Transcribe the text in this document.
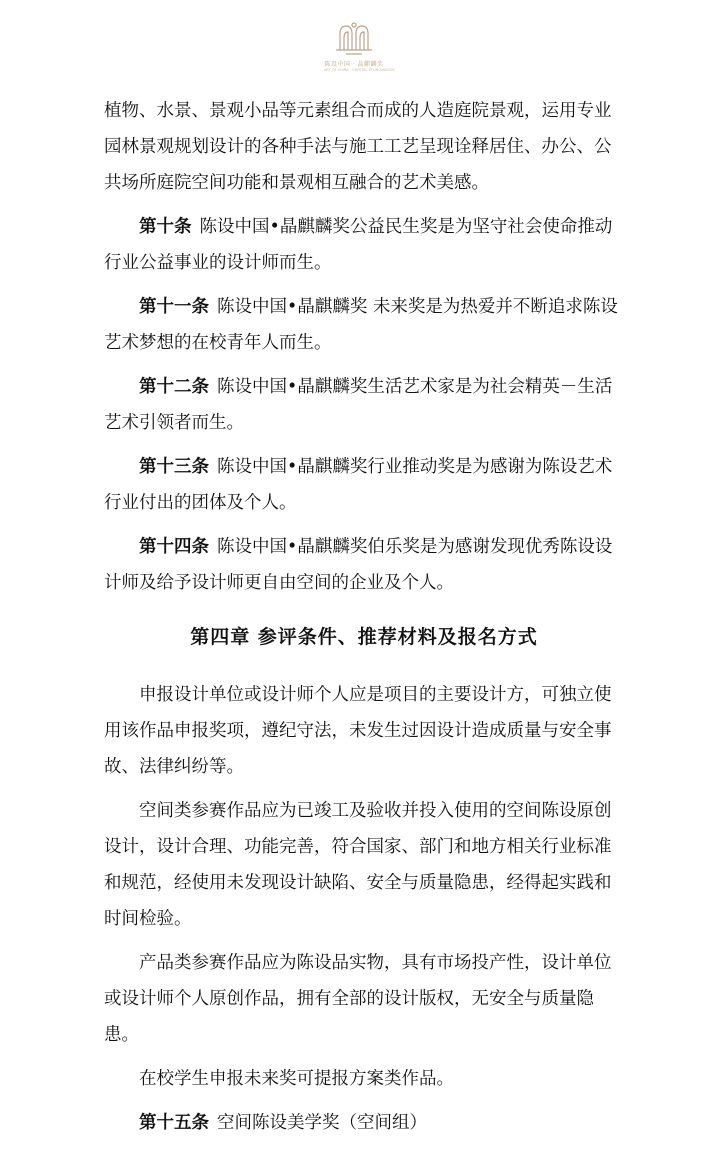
陈设中国 · 晶麒麟奖
ART OF CHINA · CRYSTAL KYLIN AWARDS

植物、水景、景观小品等元素组合而成的人造庭院景观，运用专业园林景观规划设计的各种手法与施工工艺呈现诠释居住、办公、公共场所庭院空间功能和景观相互融合的艺术美感。

第十条 陈设中国•晶麒麟奖公益民生奖是为坚守社会使命推动行业公益事业的设计师而生。

第十一条 陈设中国•晶麒麟奖 未来奖是为热爱并不断追求陈设艺术梦想的在校青年人而生。

第十二条 陈设中国•晶麒麟奖生活艺术家是为社会精英－生活艺术引领者而生。

第十三条 陈设中国•晶麒麟奖行业推动奖是为感谢为陈设艺术行业付出的团体及个人。

第十四条 陈设中国•晶麒麟奖伯乐奖是为感谢发现优秀陈设设计师及给予设计师更自由空间的企业及个人。

第四章 参评条件、推荐材料及报名方式

申报设计单位或设计师个人应是项目的主要设计方，可独立使用该作品申报奖项，遵纪守法，未发生过因设计造成质量与安全事故、法律纠纷等。

空间类参赛作品应为已竣工及验收并投入使用的空间陈设原创设计，设计合理、功能完善，符合国家、部门和地方相关行业标准和规范，经使用未发现设计缺陷、安全与质量隐患，经得起实践和时间检验。

产品类参赛作品应为陈设品实物，具有市场投产性，设计单位或设计师个人原创作品，拥有全部的设计版权，无安全与质量隐患。

在校学生申报未来奖可提报方案类作品。

第十五条 空间陈设美学奖（空间组）
